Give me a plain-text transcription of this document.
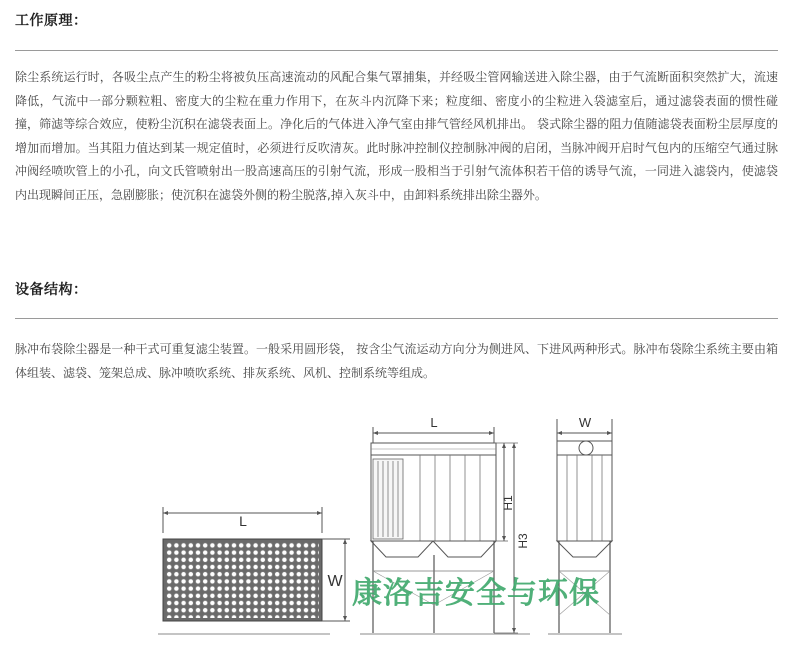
工作原理：

除尘系统运行时，各吸尘点产生的粉尘将被负压高速流动的风配合集气罩捕集，并经吸尘管网输送进入除尘器，由于气流断面积突然扩大，流速降低，气流中一部分颗粒粗、密度大的尘粒在重力作用下，在灰斗内沉降下来；粒度细、密度小的尘粒进入袋滤室后，通过滤袋表面的惯性碰撞，筛滤等综合效应，使粉尘沉积在滤袋表面上。净化后的气体进入净气室由排气管经风机排出。 袋式除尘器的阻力值随滤袋表面粉尘层厚度的增加而增加。当其阻力值达到某一规定值时，必须进行反吹清灰。此时脉冲控制仪控制脉冲阀的启闭，当脉冲阀开启时气包内的压缩空气通过脉冲阀经喷吹管上的小孔，向文氏管喷射出一股高速高压的引射气流，形成一股相当于引射气流体积若干倍的诱导气流，一同进入滤袋内，使滤袋内出现瞬间正压，急剧膨胀；使沉积在滤袋外侧的粉尘脱落,掉入灰斗中，由卸料系统排出除尘器外。

设备结构：

脉冲布袋除尘器是一种干式可重复滤尘装置。一般采用圆形袋， 按含尘气流运动方向分为侧进风、下进风两种形式。脉冲布袋除尘系统主要由箱体组装、滤袋、笼架总成、脉冲喷吹系统、排灰系统、风机、控制系统等组成。

L
W
L
H1
H3
W
康洛吉安全与环保
